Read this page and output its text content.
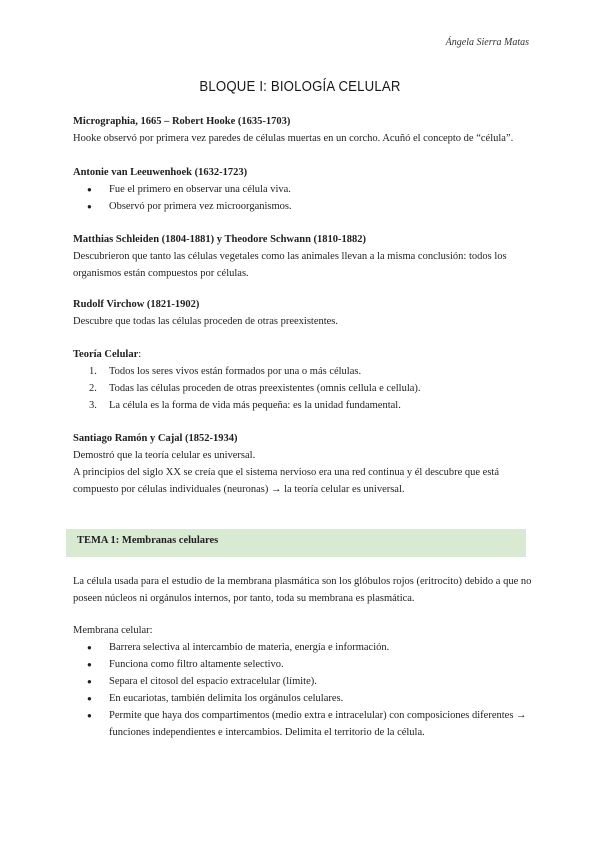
Ángela Sierra Matas
BLOQUE I: BIOLOGÍA CELULAR
Micrographia, 1665 – Robert Hooke (1635-1703)
Hooke observó por primera vez paredes de células muertas en un corcho. Acuñó el concepto de “célula”.
Antonie van Leeuwenhoek (1632-1723)
● Fue el primero en observar una célula viva.
● Observó por primera vez microorganismos.
Matthias Schleiden (1804-1881) y Theodore Schwann (1810-1882)
Descubrieron que tanto las células vegetales como las animales llevan a la misma conclusión: todos los
organismos están compuestos por células.
Rudolf Virchow (1821-1902)
Descubre que todas las células proceden de otras preexistentes.
Teoría Celular:
1. Todos los seres vivos están formados por una o más células.
2. Todas las células proceden de otras preexistentes (omnis cellula e cellula).
3. La célula es la forma de vida más pequeña: es la unidad fundamental.
Santiago Ramón y Cajal (1852-1934)
Demostró que la teoría celular es universal.
A principios del siglo XX se creía que el sistema nervioso era una red continua y él descubre que está
compuesto por células individuales (neuronas) → la teoría celular es universal.
TEMA 1: Membranas celulares
La célula usada para el estudio de la membrana plasmática son los glóbulos rojos (eritrocito) debido a que no
poseen núcleos ni orgánulos internos, por tanto, toda su membrana es plasmática.
Membrana celular:
● Barrera selectiva al intercambio de materia, energía e información.
● Funciona como filtro altamente selectivo.
● Separa el citosol del espacio extracelular (límite).
● En eucariotas, también delimita los orgánulos celulares.
● Permite que haya dos compartimentos (medio extra e intracelular) con composiciones diferentes →
funciones independientes e intercambios. Delimita el territorio de la célula.
